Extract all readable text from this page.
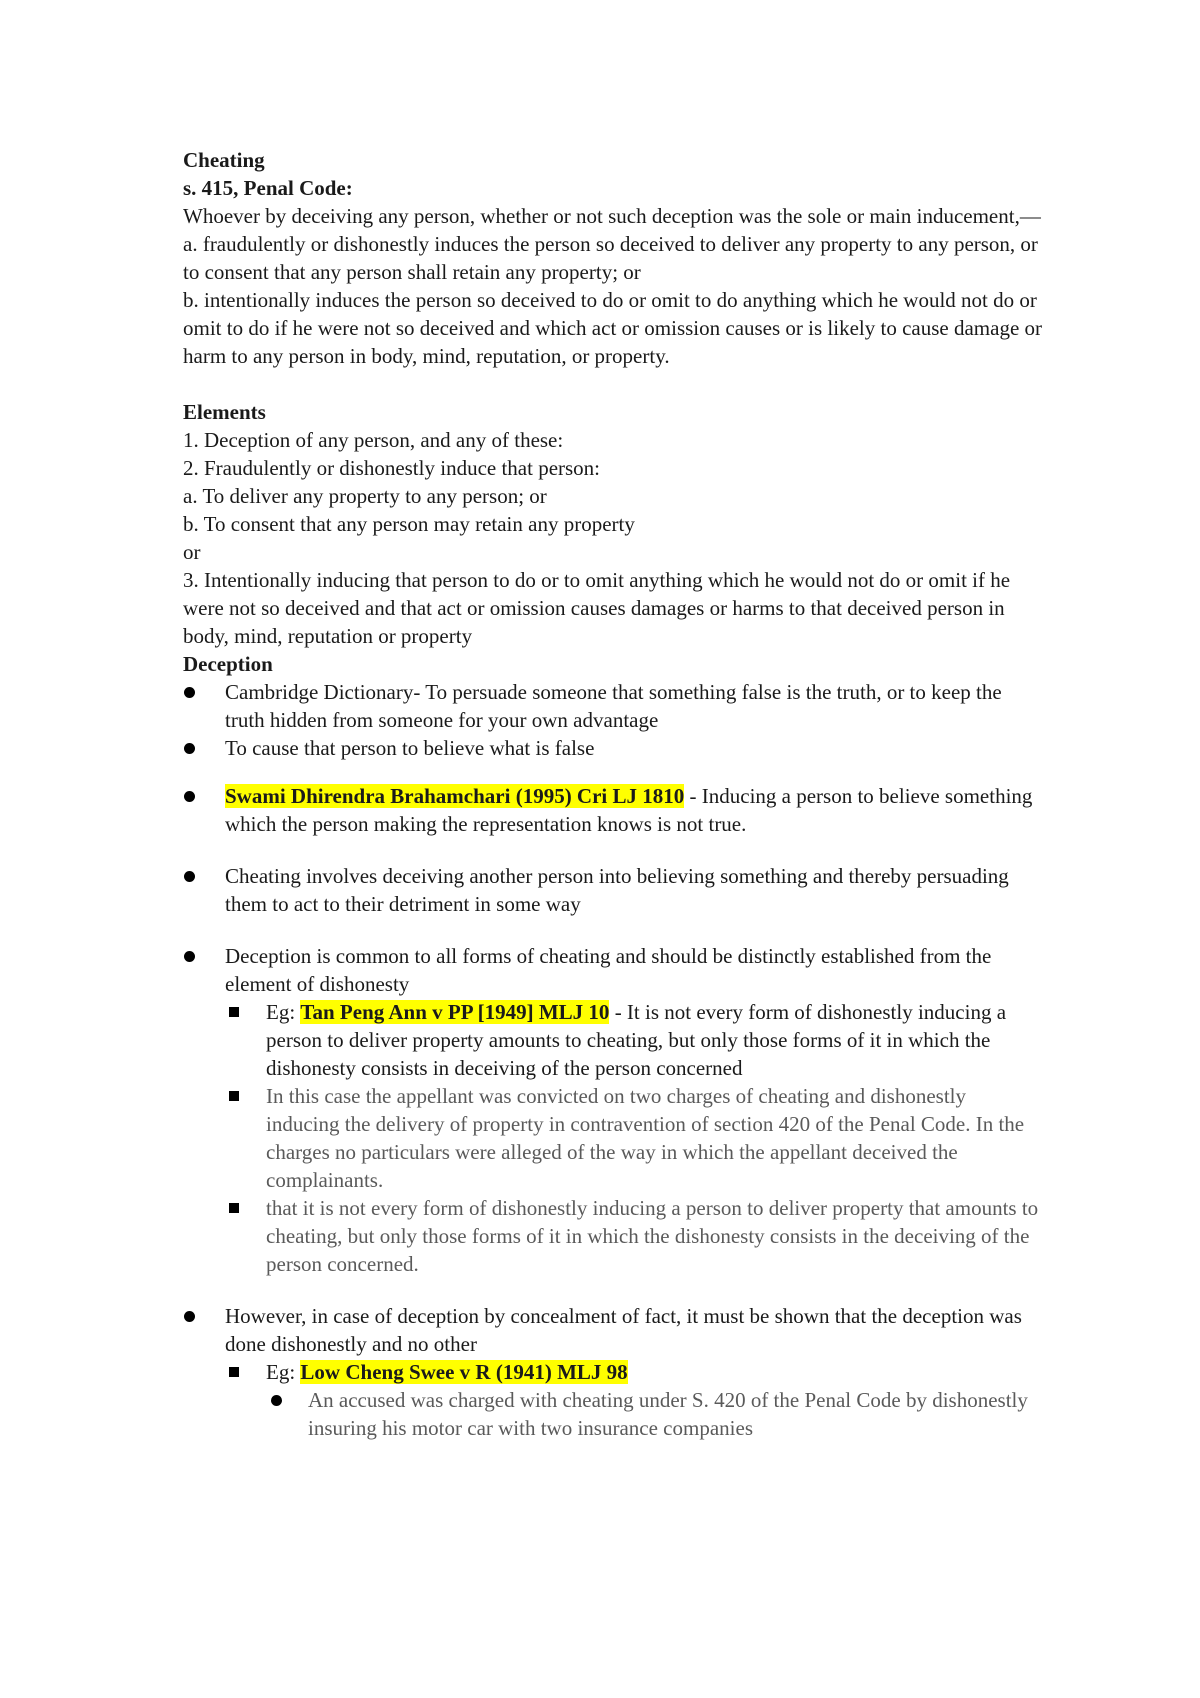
Cheating

s. 415, Penal Code:

Whoever by deceiving any person, whether or not such deception was the sole or main inducement,—

a. fraudulently or dishonestly induces the person so deceived to deliver any property to any person, or to consent that any person shall retain any property; or

b. intentionally induces the person so deceived to do or omit to do anything which he would not do or omit to do if he were not so deceived and which act or omission causes or is likely to cause damage or harm to any person in body, mind, reputation, or property.

Elements

1. Deception of any person, and any of these:

2. Fraudulently or dishonestly induce that person:

a. To deliver any property to any person; or

b. To consent that any person may retain any property

or

3. Intentionally inducing that person to do or to omit anything which he would not do or omit if he were not so deceived and that act or omission causes damages or harms to that deceived person in body, mind, reputation or property

Deception

Cambridge Dictionary- To persuade someone that something false is the truth, or to keep the truth hidden from someone for your own advantage

To cause that person to believe what is false

Swami Dhirendra Brahamchari (1995) Cri LJ 1810 - Inducing a person to believe something which the person making the representation knows is not true.

Cheating involves deceiving another person into believing something and thereby persuading them to act to their detriment in some way

Deception is common to all forms of cheating and should be distinctly established from the element of dishonesty

Eg: Tan Peng Ann v PP [1949] MLJ 10 - It is not every form of dishonestly inducing a person to deliver property amounts to cheating, but only those forms of it in which the dishonesty consists in deceiving of the person concerned

In this case the appellant was convicted on two charges of cheating and dishonestly inducing the delivery of property in contravention of section 420 of the Penal Code. In the charges no particulars were alleged of the way in which the appellant deceived the complainants.

that it is not every form of dishonestly inducing a person to deliver property that amounts to cheating, but only those forms of it in which the dishonesty consists in the deceiving of the person concerned.

However, in case of deception by concealment of fact, it must be shown that the deception was done dishonestly and no other

Eg: Low Cheng Swee v R (1941) MLJ 98

An accused was charged with cheating under S. 420 of the Penal Code by dishonestly insuring his motor car with two insurance companies
